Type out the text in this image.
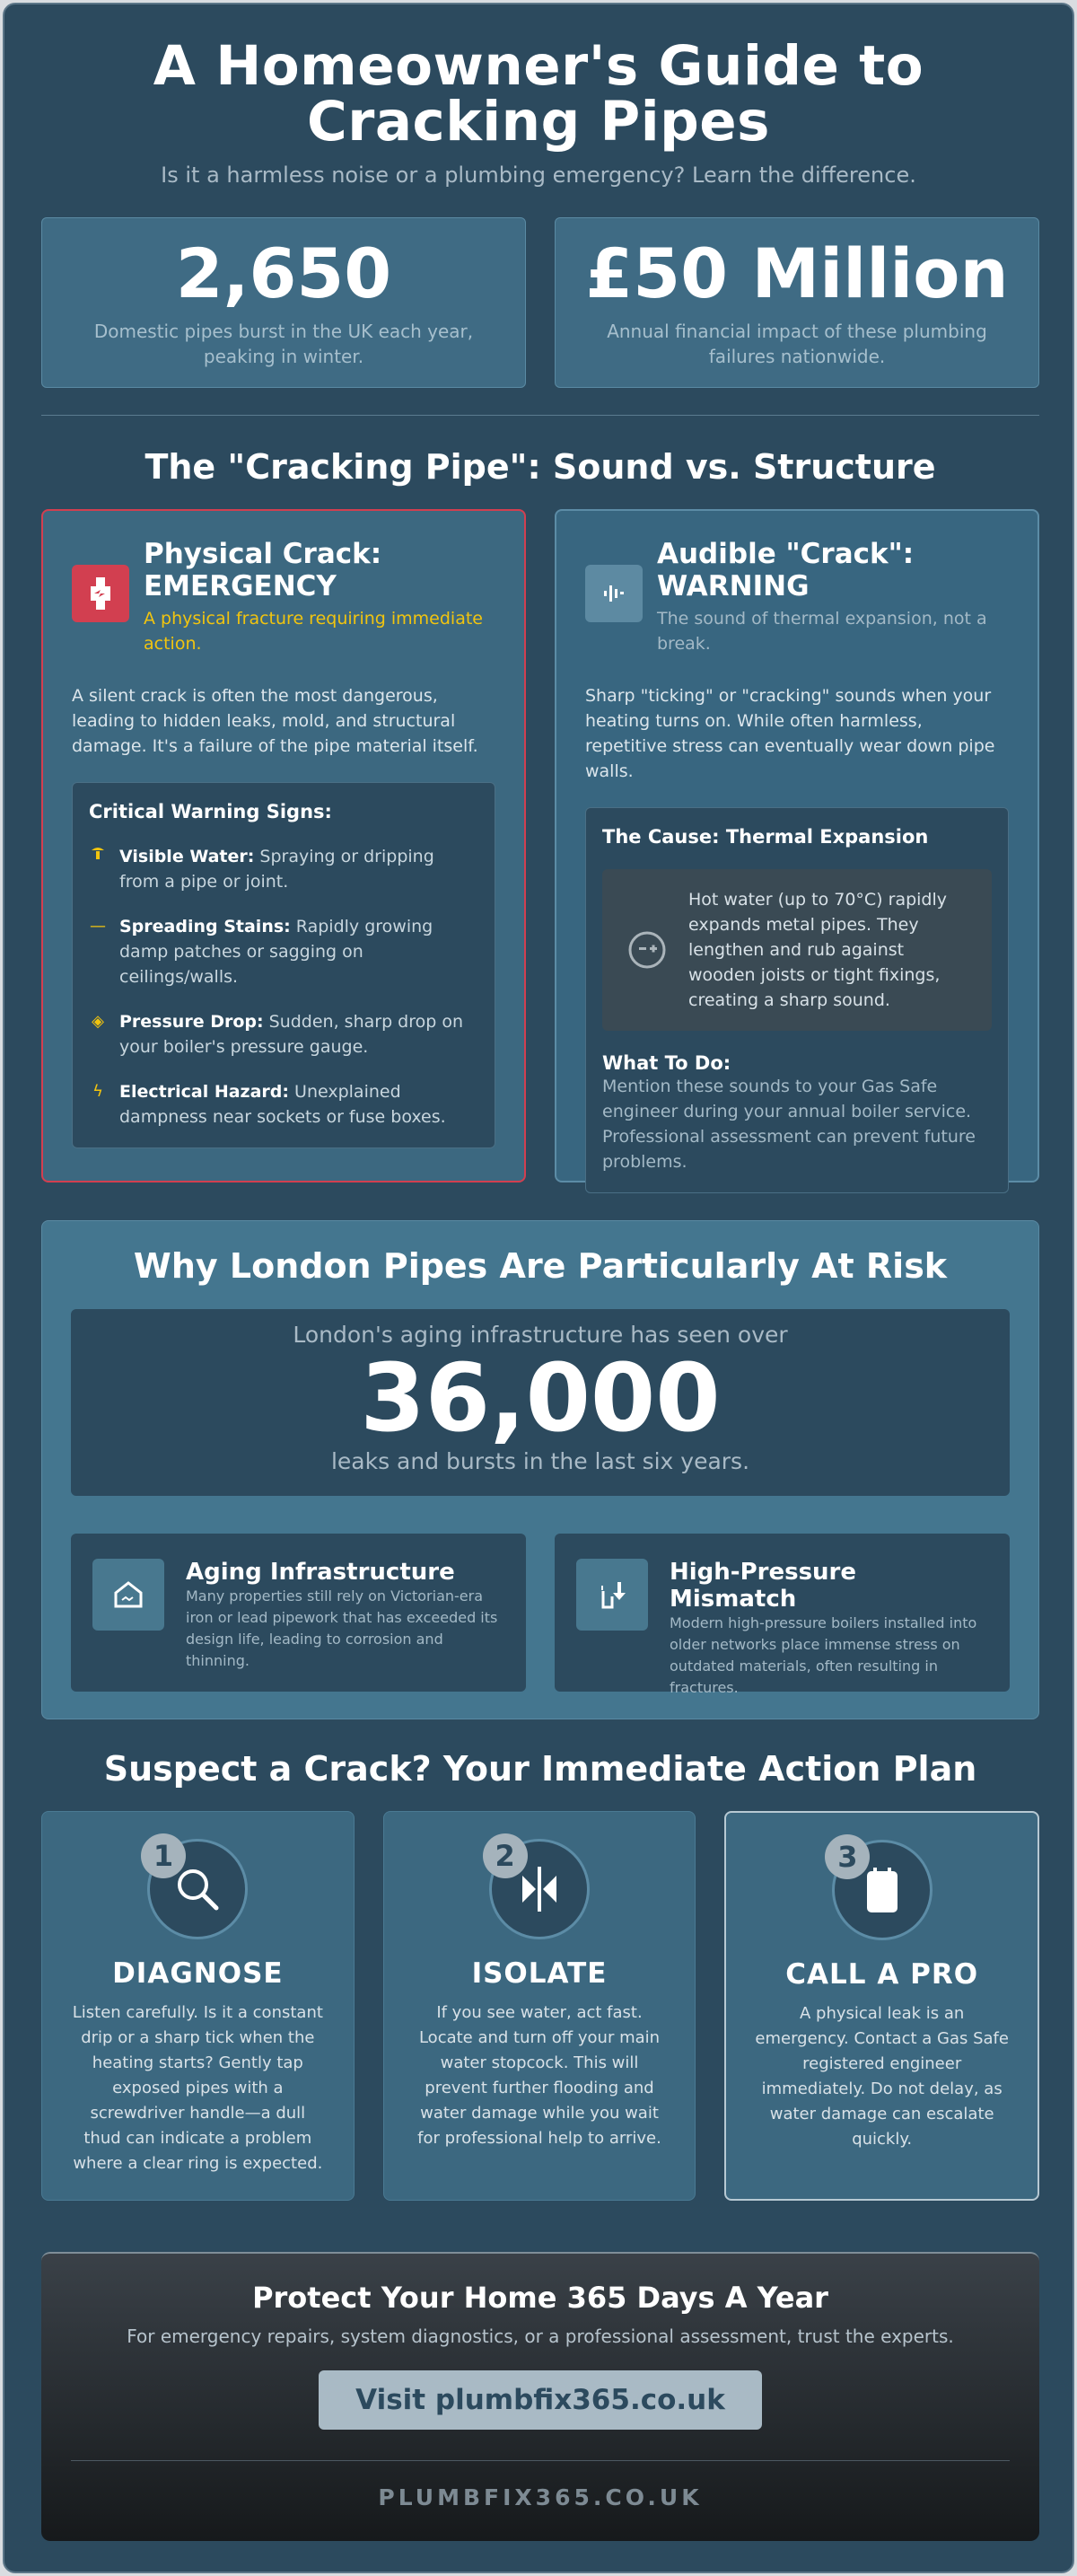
A Homeowner's Guide to
Cracking Pipes
Is it a harmless noise or a plumbing emergency? Learn the difference.
2,650
Domestic pipes burst in the UK each year, peaking in winter.
£50 Million
Annual financial impact of these plumbing failures nationwide.
The "Cracking Pipe": Sound vs. Structure
Physical Crack:
EMERGENCY
A physical fracture requiring immediate action.
A silent crack is often the most dangerous, leading to hidden leaks, mold, and structural damage. It's a failure of the pipe material itself.
Critical Warning Signs:

Visible Water: Spraying or dripping from a pipe or joint.

— Spreading Stains: Rapidly growing damp patches or sagging on ceilings/walls.

◈ Pressure Drop: Sudden, sharp drop on your boiler's pressure gauge.

ϟ Electrical Hazard: Unexplained dampness near sockets or fuse boxes.

Audible "Crack":
WARNING
The sound of thermal expansion, not a break.
Sharp "ticking" or "cracking" sounds when your heating turns on. While often harmless, repetitive stress can eventually wear down pipe walls.
The Cause: Thermal Expansion

Hot water (up to 70°C) rapidly expands metal pipes. They lengthen and rub against wooden joists or tight fixings, creating a sharp sound.

What To Do:

Mention these sounds to your Gas Safe engineer during your annual boiler service. Professional assessment can prevent future problems.

Why London Pipes Are Particularly At Risk
London's aging infrastructure has seen over
36,000
leaks and bursts in the last six years.
Aging Infrastructure

Many properties still rely on Victorian-era iron or lead pipework that has exceeded its design life, leading to corrosion and thinning.

High-Pressure Mismatch

Modern high-pressure boilers installed into older networks place immense stress on outdated materials, often resulting in fractures.

Suspect a Crack? Your Immediate Action Plan
1
DIAGNOSE

Listen carefully. Is it a constant drip or a sharp tick when the heating starts? Gently tap exposed pipes with a screwdriver handle—a dull thud can indicate a problem where a clear ring is expected.

2
ISOLATE

If you see water, act fast. Locate and turn off your main water stopcock. This will prevent further flooding and water damage while you wait for professional help to arrive.

3
CALL A PRO

A physical leak is an emergency. Contact a Gas Safe registered engineer immediately. Do not delay, as water damage can escalate quickly.

Protect Your Home 365 Days A Year
For emergency repairs, system diagnostics, or a professional assessment, trust the experts.
Visit plumbfix365.co.uk
PLUMBFIX365.CO.UK
